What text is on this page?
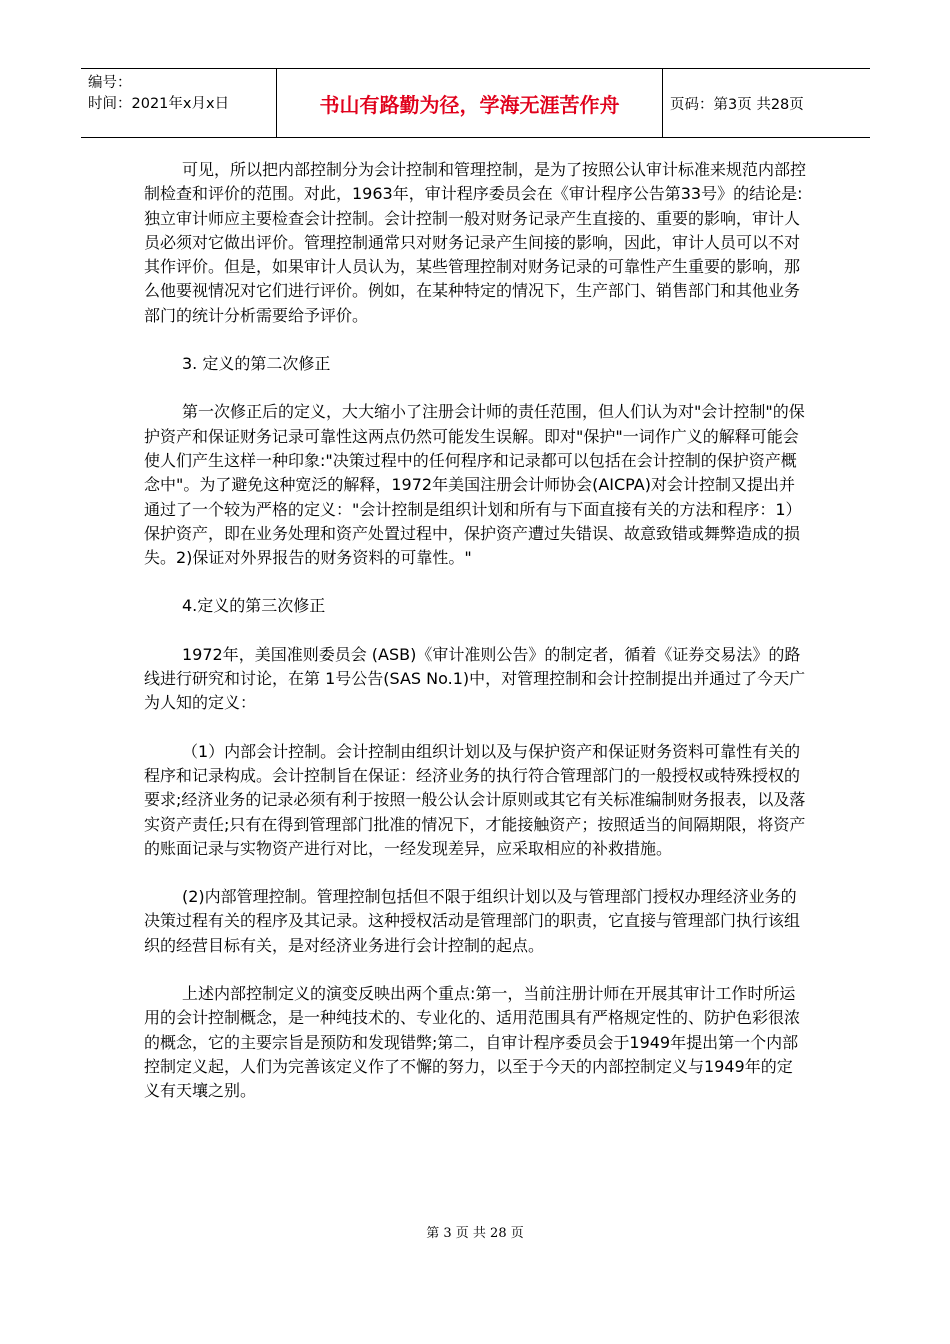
编号：
时间：2021年x月x日	书山有路勤为径，学海无涯苦作舟	页码：第3页 共28页

可见，所以把内部控制分为会计控制和管理控制，是为了按照公认审计标准来规范内部控制检查和评价的范围。对此，1963年，审计程序委员会在《审计程序公告第33号》的结论是:独立审计师应主要检查会计控制。会计控制一般对财务记录产生直接的、重要的影响，审计人员必须对它做出评价。管理控制通常只对财务记录产生间接的影响，因此，审计人员可以不对其作评价。但是，如果审计人员认为，某些管理控制对财务记录的可靠性产生重要的影响，那么他要视情况对它们进行评价。例如，在某种特定的情况下，生产部门、销售部门和其他业务部门的统计分析需要给予评价。

3. 定义的第二次修正

第一次修正后的定义，大大缩小了注册会计师的责任范围，但人们认为对"会计控制"的保护资产和保证财务记录可靠性这两点仍然可能发生误解。即对"保护"一词作广义的解释可能会使人们产生这样一种印象:"决策过程中的任何程序和记录都可以包括在会计控制的保护资产概念中"。为了避免这种宽泛的解释，1972年美国注册会计师协会(AICPA)对会计控制又提出并通过了一个较为严格的定义："会计控制是组织计划和所有与下面直接有关的方法和程序：1）保护资产，即在业务处理和资产处置过程中，保护资产遭过失错误、故意致错或舞弊造成的损失。2)保证对外界报告的财务资料的可靠性。"

4.定义的第三次修正

1972年，美国准则委员会 (ASB)《审计准则公告》的制定者，循着《证券交易法》的路线进行研究和讨论，在第 1号公告(SAS No.1)中，对管理控制和会计控制提出并通过了今天广为人知的定义：

（1）内部会计控制。会计控制由组织计划以及与保护资产和保证财务资料可靠性有关的程序和记录构成。会计控制旨在保证：经济业务的执行符合管理部门的一般授权或特殊授权的要求;经济业务的记录必须有利于按照一般公认会计原则或其它有关标准编制财务报表，以及落实资产责任;只有在得到管理部门批准的情况下，才能接触资产；按照适当的间隔期限，将资产的账面记录与实物资产进行对比，一经发现差异，应采取相应的补救措施。

(2)内部管理控制。管理控制包括但不限于组织计划以及与管理部门授权办理经济业务的决策过程有关的程序及其记录。这种授权活动是管理部门的职责，它直接与管理部门执行该组织的经营目标有关，是对经济业务进行会计控制的起点。

上述内部控制定义的演变反映出两个重点:第一，当前注册计师在开展其审计工作时所运用的会计控制概念，是一种纯技术的、专业化的、适用范围具有严格规定性的、防护色彩很浓的概念，它的主要宗旨是预防和发现错弊;第二，自审计程序委员会于1949年提出第一个内部控制定义起，人们为完善该定义作了不懈的努力，以至于今天的内部控制定义与1949年的定义有天壤之别。

第 3 页 共 28 页
